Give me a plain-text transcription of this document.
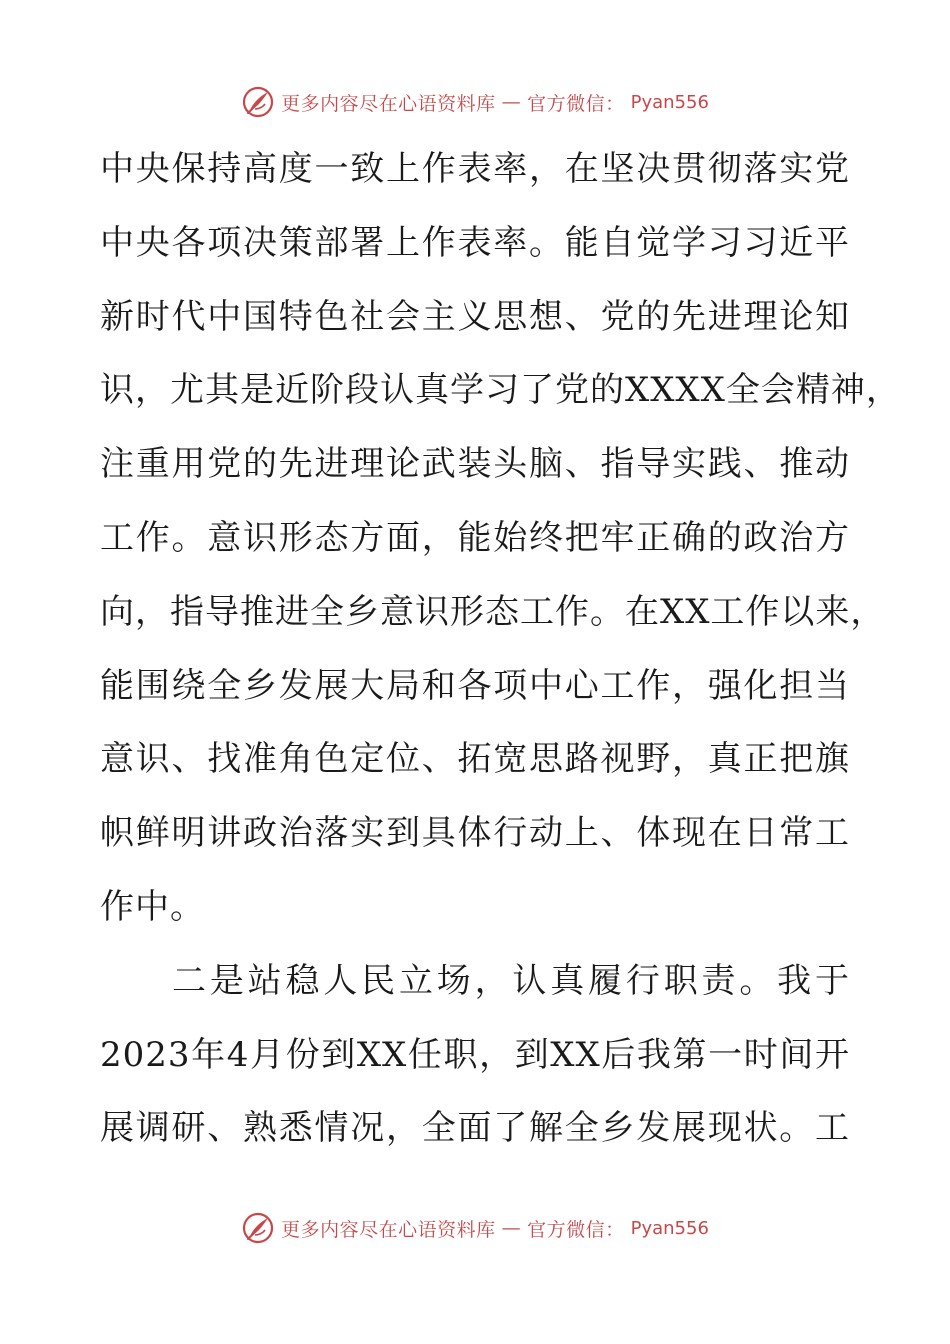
更多内容尽在心语资料库 — 官方微信： Pyan556
中央保持高度一致上作表率，在坚决贯彻落实党
中央各项决策部署上作表率。能自觉学习习近平
新时代中国特色社会主义思想、党的先进理论知
识，尤其是近阶段认真学习了党的XXXX全会精神，
注重用党的先进理论武装头脑、指导实践、推动
工作。意识形态方面，能始终把牢正确的政治方
向，指导推进全乡意识形态工作。在XX工作以来，
能围绕全乡发展大局和各项中心工作，强化担当
意识、找准角色定位、拓宽思路视野，真正把旗
帜鲜明讲政治落实到具体行动上、体现在日常工
作中。
二是站稳人民立场，认真履行职责。我于
2023年4月份到XX任职，到XX后我第一时间开
展调研、熟悉情况，全面了解全乡发展现状。工
更多内容尽在心语资料库 — 官方微信： Pyan556
